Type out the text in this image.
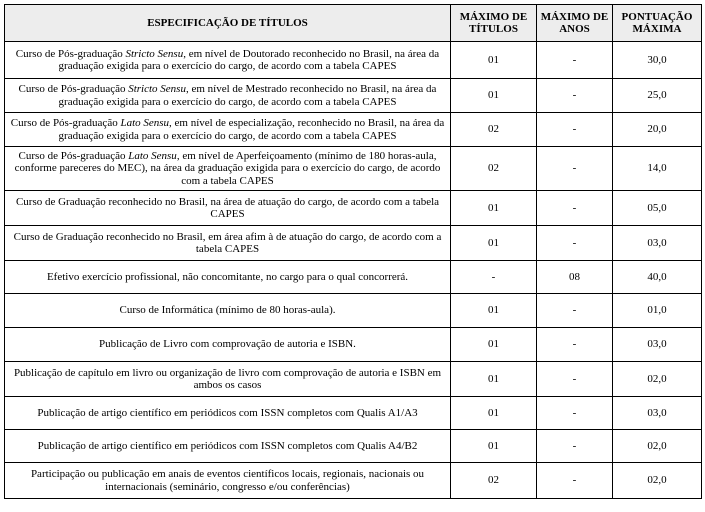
ESPECIFICAÇÃO DE TÍTULOS	MÁXIMO DE TÍTULOS	MÁXIMO DE ANOS	PONTUAÇÃO MÁXIMA
Curso de Pós-graduação Stricto Sensu, em nível de Doutorado reconhecido no Brasil, na área da graduação exigida para o exercício do cargo, de acordo com a tabela CAPES	01	-	30,0
Curso de Pós-graduação Stricto Sensu, em nível de Mestrado reconhecido no Brasil, na área da graduação exigida para o exercício do cargo, de acordo com a tabela CAPES	01	-	25,0
Curso de Pós-graduação Lato Sensu, em nível de especialização, reconhecido no Brasil, na área da graduação exigida para o exercício do cargo, de acordo com a tabela CAPES	02	-	20,0
Curso de Pós-graduação Lato Sensu, em nível de Aperfeiçoamento (mínimo de 180 horas-aula, conforme pareceres do MEC), na área da graduação exigida para o exercício do cargo, de acordo com a tabela CAPES	02	-	14,0
Curso de Graduação reconhecido no Brasil, na área de atuação do cargo, de acordo com a tabela CAPES	01	-	05,0
Curso de Graduação reconhecido no Brasil, em área afim à de atuação do cargo, de acordo com a tabela CAPES	01	-	03,0
Efetivo exercício profissional, não concomitante, no cargo para o qual concorrerá.	-	08	40,0
Curso de Informática (mínimo de 80 horas-aula).	01	-	01,0
Publicação de Livro com comprovação de autoria e ISBN.	01	-	03,0
Publicação de capítulo em livro ou organização de livro com comprovação de autoria e ISBN em ambos os casos	01	-	02,0
Publicação de artigo científico em periódicos com ISSN completos com Qualis A1/A3	01	-	03,0
Publicação de artigo científico em periódicos com ISSN completos com Qualis A4/B2	01	-	02,0
Participação ou publicação em anais de eventos científicos locais, regionais, nacionais ou internacionais (seminário, congresso e/ou conferências)	02	-	02,0
